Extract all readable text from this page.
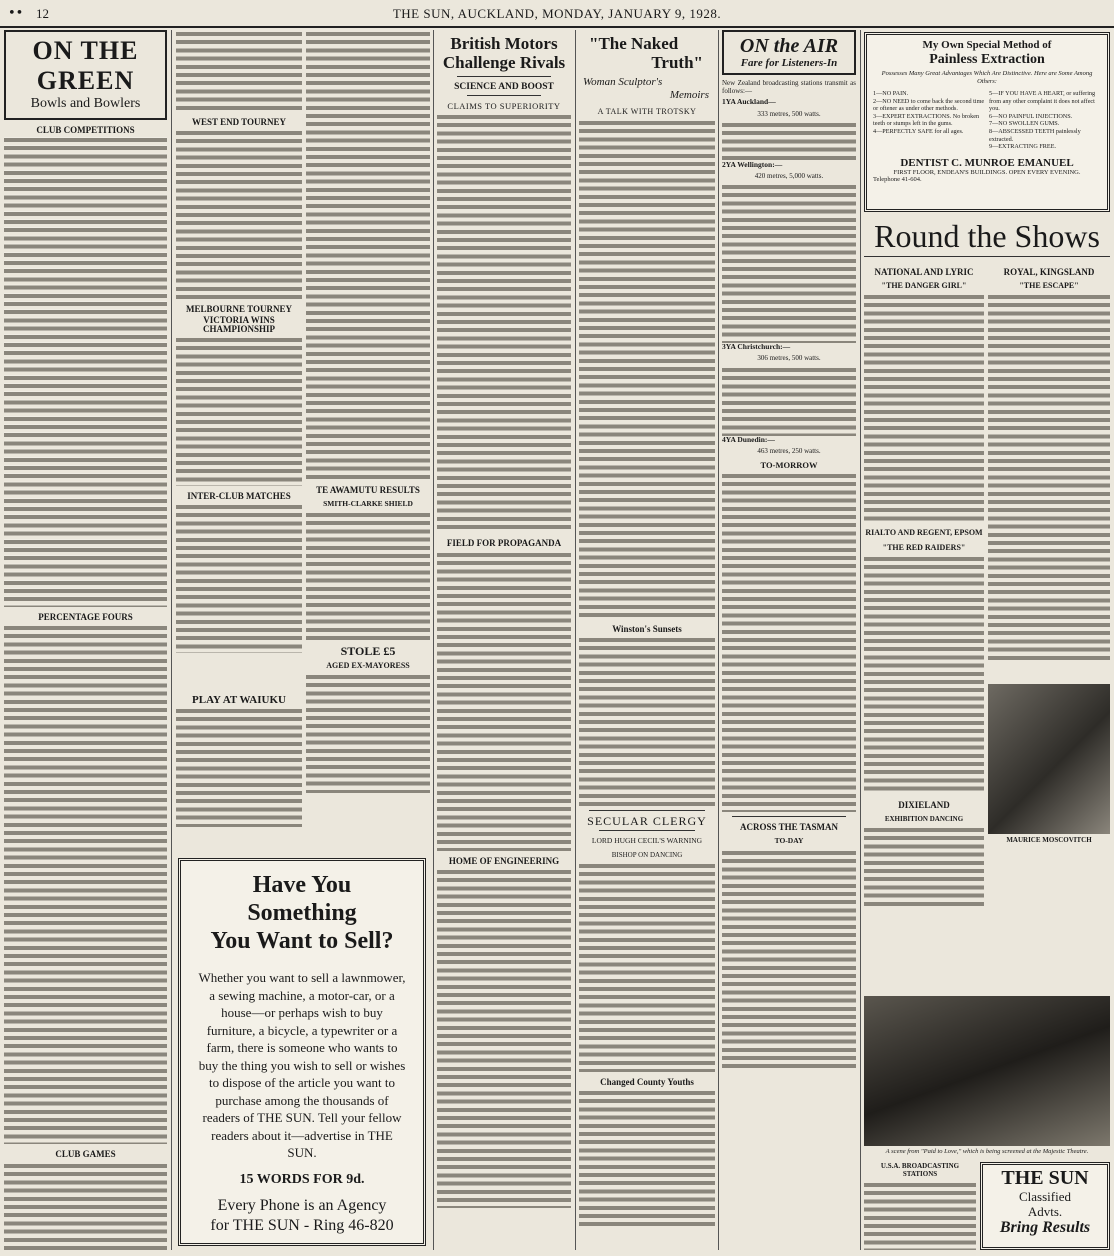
•• 12	THE SUN, AUCKLAND, MONDAY, JANUARY 9, 1928.
ON THE GREEN
Bowls and Bowlers
CLUB COMPETITIONS
PERCENTAGE FOURS
CLUB GAMES
WEST END TOURNEY
MELBOURNE TOURNEY
VICTORIA WINS CHAMPIONSHIP
INTER-CLUB MATCHES
PLAY AT WAIUKU
TE AWAMUTU RESULTS
SMITH-CLARKE SHIELD
STOLE £5
AGED EX-MAYORESS
Have You Something
You Want to Sell?
Whether you want to sell a lawnmower, a sewing machine, a motor-car, or a house—or perhaps wish to buy furniture, a bicycle, a typewriter or a farm, there is someone who wants to buy the thing you wish to sell or wishes to dispose of the article you want to purchase among the thousands of readers of THE SUN. Tell your fellow readers about it—advertise in THE SUN.
15 WORDS FOR 9d.
Every Phone is an Agency
for THE SUN - Ring 46-820
British Motors
Challenge Rivals
SCIENCE AND BOOST
CLAIMS TO SUPERIORITY
FIELD FOR PROPAGANDA
HOME OF ENGINEERING
"The Naked
Truth"
Woman Sculptor's
Memoirs
A TALK WITH TROTSKY
Winston's Sunsets
SECULAR CLERGY
LORD HUGH CECIL'S WARNING
BISHOP ON DANCING
Changed County Youths
ON the AIR
Fare for Listeners-In
New Zealand broadcasting stations transmit as follows:—
1YA Auckland—
333 metres, 500 watts.
2YA Wellington:—
420 metres, 5,000 watts.
3YA Christchurch:—
306 metres, 500 watts.
4YA Dunedin:—
463 metres, 250 watts.
TO-MORROW
ACROSS THE TASMAN
TO-DAY
My Own Special Method of
Painless Extraction
Possesses Many Great Advantages Which Are Distinctive. Here are Some Among Others:
1—NO PAIN.
2—NO NEED to come back the second time or oftener as under other methods.
3—EXPERT EXTRACTIONS. No broken teeth or stumps left in the gums.
4—PERFECTLY SAFE for all ages.
5—IF YOU HAVE A HEART, or suffering from any other complaint it does not affect you.
6—NO PAINFUL INJECTIONS.
7—NO SWOLLEN GUMS.
8—ABSCESSED TEETH painlessly extracted.
9—EXTRACTING FREE.
DENTIST C. MUNROE EMANUEL
FIRST FLOOR, ENDEAN'S BUILDINGS. OPEN EVERY EVENING.
Telephone 41-604.
Round the Shows
NATIONAL AND LYRIC
"THE DANGER GIRL"
RIALTO AND REGENT, EPSOM
"THE RED RAIDERS"
DIXIELAND
EXHIBITION DANCING
ROYAL, KINGSLAND
"THE ESCAPE"
MAURICE MOSCOVITCH
A scene from "Paid to Love," which is being screened at the Majestic Theatre.
THE SUN
Classified
Advts.
Bring Results
U.S.A. BROADCASTING STATIONS
